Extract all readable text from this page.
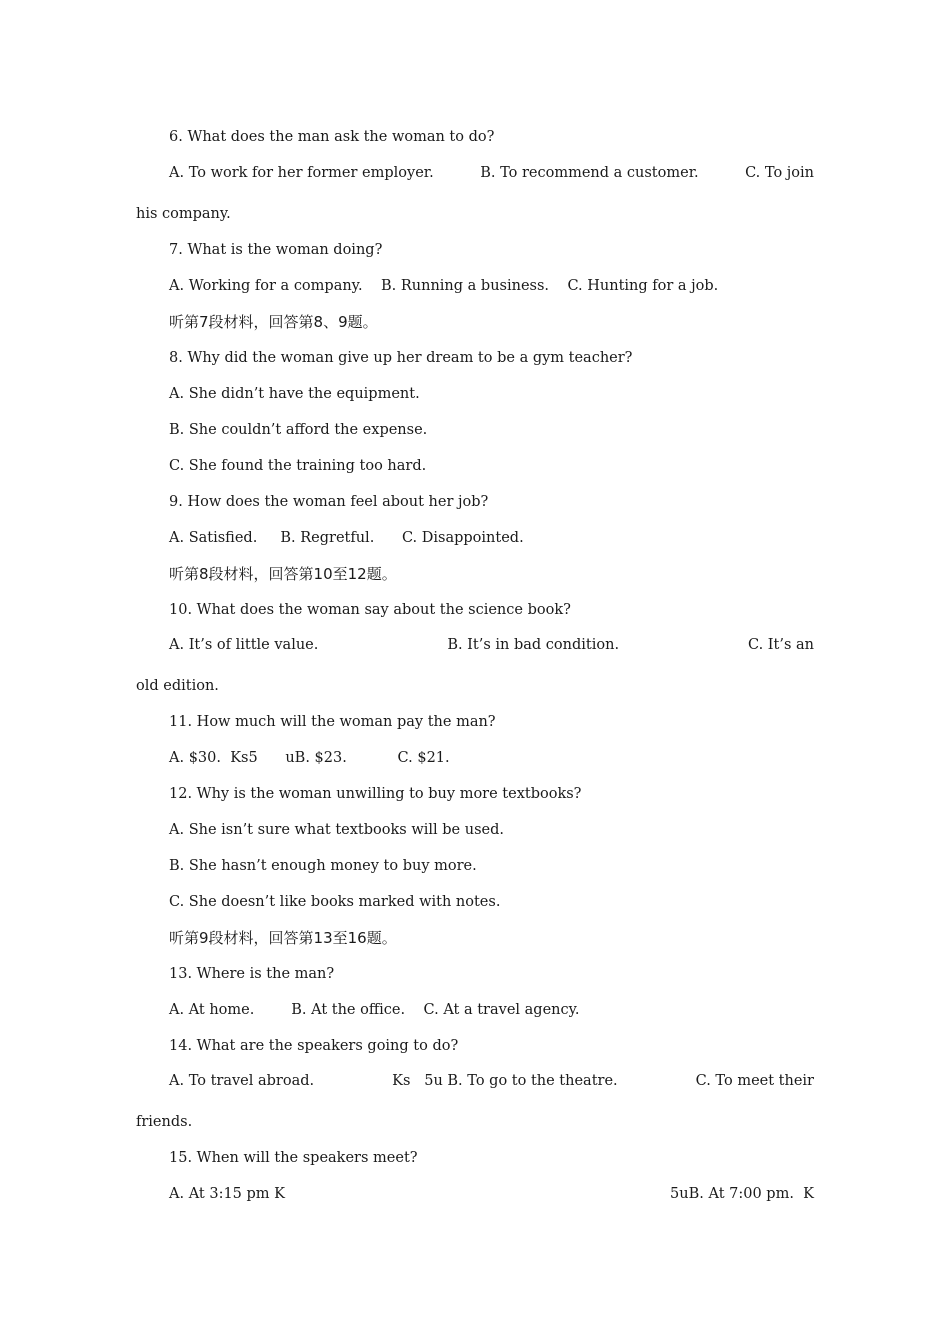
6. What does the man ask the woman to do?
A. To work for her former employer.	B. To recommend a customer.	C. To join
his company.
7. What is the woman doing?
A. Working for a company.    B. Running a business.    C. Hunting for a job.
听第7段材料，回答第8、9题。
8. Why did the woman give up her dream to be a gym teacher?
A. She didn’t have the equipment.
B. She couldn’t afford the expense.
C. She found the training too hard.
9. How does the woman feel about her job?
A. Satisfied.     B. Regretful.      C. Disappointed.
听第8段材料，回答第10至12题。
10. What does the woman say about the science book?
A. It’s of little value.	B. It’s in bad condition.	C. It’s an
old edition.
11. How much will the woman pay the man?
A. $30.  Ks5      uB. $23.           C. $21.
12. Why is the woman unwilling to buy more textbooks?
A. She isn’t sure what textbooks will be used.
B. She hasn’t enough money to buy more.
C. She doesn’t like books marked with notes.
听第9段材料，回答第13至16题。
13. Where is the man?
A. At home.        B. At the office.    C. At a travel agency.
14. What are the speakers going to do?
A. To travel abroad.	Ks   5u B. To go to the theatre.	C. To meet their
friends.
15. When will the speakers meet?
A. At 3:15 pm K	5uB. At 7:00 pm.  K
